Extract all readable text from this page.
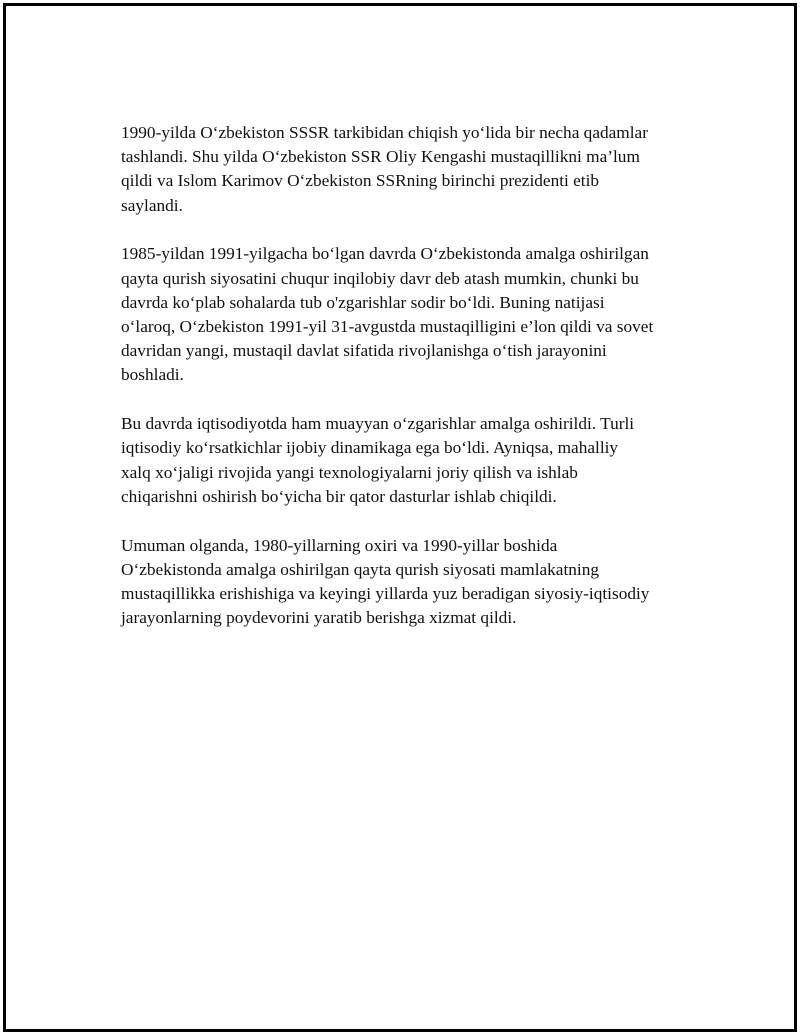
1990-yilda O‘zbekiston SSSR tarkibidan chiqish yo‘lida bir necha qadamlar
tashlandi. Shu yilda O‘zbekiston SSR Oliy Kengashi mustaqillikni ma’lum
qildi va Islom Karimov O‘zbekiston SSRning birinchi prezidenti etib
saylandi.

1985-yildan 1991-yilgacha bo‘lgan davrda O‘zbekistonda amalga oshirilgan
qayta qurish siyosatini chuqur inqilobiy davr deb atash mumkin, chunki bu
davrda ko‘plab sohalarda tub o'zgarishlar sodir bo‘ldi. Buning natijasi
o‘laroq, O‘zbekiston 1991-yil 31-avgustda mustaqilligini e’lon qildi va sovet
davridan yangi, mustaqil davlat sifatida rivojlanishga o‘tish jarayonini
boshladi.

Bu davrda iqtisodiyotda ham muayyan o‘zgarishlar amalga oshirildi. Turli
iqtisodiy ko‘rsatkichlar ijobiy dinamikaga ega bo‘ldi. Ayniqsa, mahalliy
xalq xo‘jaligi rivojida yangi texnologiyalarni joriy qilish va ishlab
chiqarishni oshirish bo‘yicha bir qator dasturlar ishlab chiqildi.

Umuman olganda, 1980-yillarning oxiri va 1990-yillar boshida
O‘zbekistonda amalga oshirilgan qayta qurish siyosati mamlakatning
mustaqillikka erishishiga va keyingi yillarda yuz beradigan siyosiy-iqtisodiy
jarayonlarning poydevorini yaratib berishga xizmat qildi.
